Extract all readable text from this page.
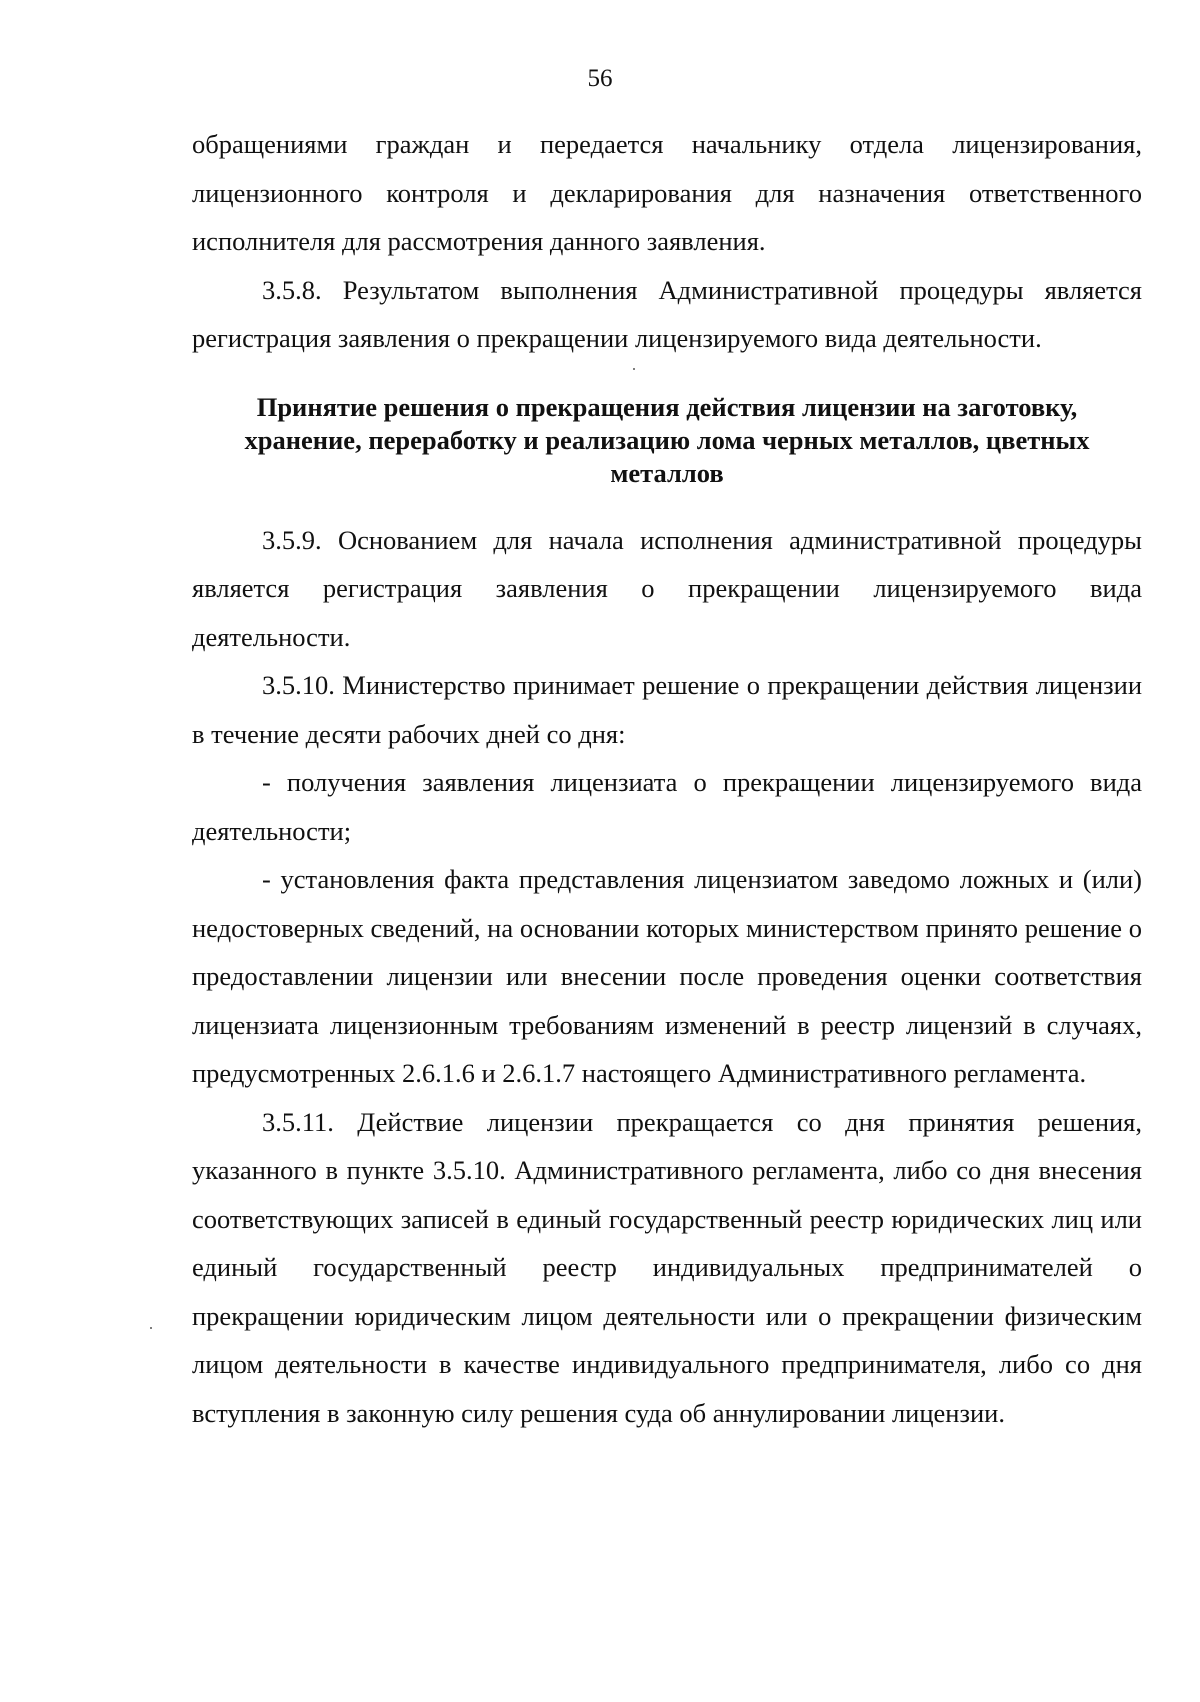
56

обращениями граждан и передается начальнику отдела лицензирования, лицензионного контроля и декларирования для назначения ответственного исполнителя для рассмотрения данного заявления.

3.5.8. Результатом выполнения Административной процедуры является регистрация заявления о прекращении лицензируемого вида деятельности.

Принятие решения о прекращения действия лицензии на заготовку, хранение, переработку и реализацию лома черных металлов, цветных металлов

3.5.9. Основанием для начала исполнения административной процедуры является регистрация заявления о прекращении лицензируемого вида деятельности.

3.5.10. Министерство принимает решение о прекращении действия лицензии в течение десяти рабочих дней со дня:

- получения заявления лицензиата о прекращении лицензируемого вида деятельности;

- установления факта представления лицензиатом заведомо ложных и (или) недостоверных сведений, на основании которых министерством принято решение о предоставлении лицензии или внесении после проведения оценки соответствия лицензиата лицензионным требованиям изменений в реестр лицензий в случаях, предусмотренных 2.6.1.6 и 2.6.1.7 настоящего Административного регламента.

3.5.11. Действие лицензии прекращается со дня принятия решения, указанного в пункте 3.5.10. Административного регламента, либо со дня внесения соответствующих записей в единый государственный реестр юридических лиц или единый государственный реестр индивидуальных предпринимателей о прекращении юридическим лицом деятельности или о прекращении физическим лицом деятельности в качестве индивидуального предпринимателя, либо со дня вступления в законную силу решения суда об аннулировании лицензии.
